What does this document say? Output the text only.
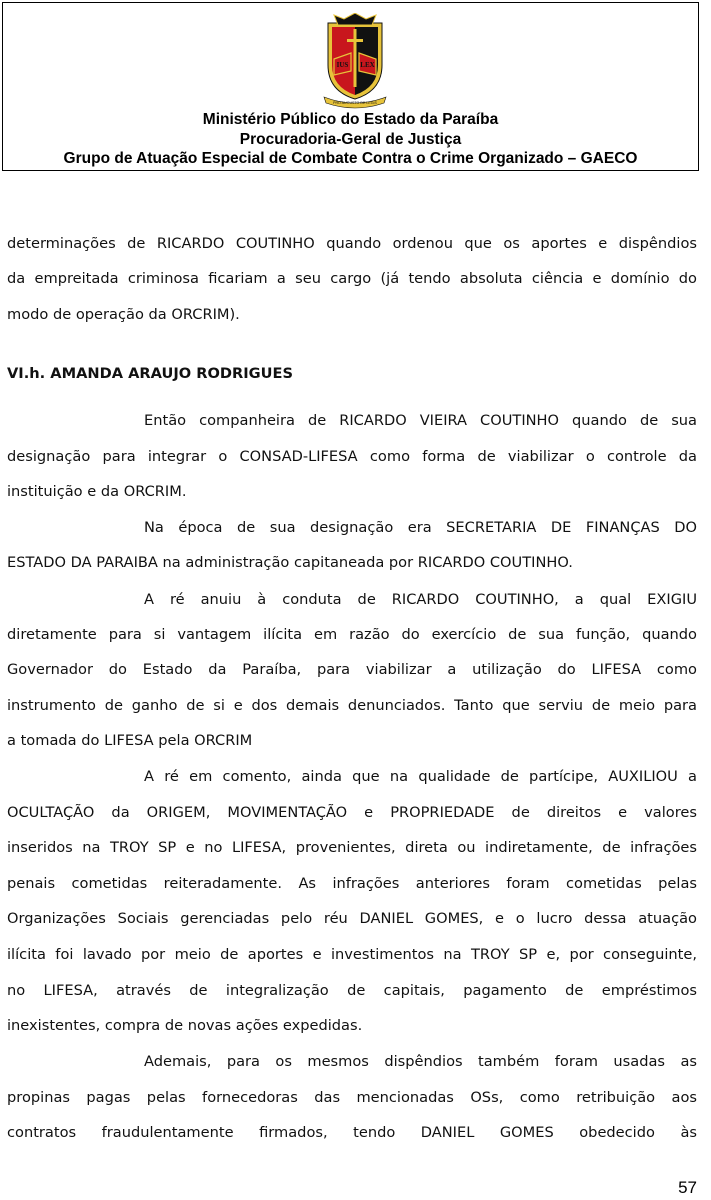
IUS LEX
PRO AUGUSTO DE LEGIS
Ministério Público do Estado da Paraíba
Procuradoria-Geral de Justiça
Grupo de Atuação Especial de Combate Contra o Crime Organizado – GAECO
determinações de RICARDO COUTINHO quando ordenou que os aportes e dispêndios
da empreitada criminosa ficariam a seu cargo (já tendo absoluta ciência e domínio do
modo de operação da ORCRIM).
VI.h. AMANDA ARAUJO RODRIGUES
Então companheira de RICARDO VIEIRA COUTINHO quando de sua
designação para integrar o CONSAD-LIFESA como forma de viabilizar o controle da
instituição e da ORCRIM.
Na época de sua designação era SECRETARIA DE FINANÇAS DO
ESTADO DA PARAIBA na administração capitaneada por RICARDO COUTINHO.
A ré anuiu à conduta de RICARDO COUTINHO, a qual EXIGIU
diretamente para si vantagem ilícita em razão do exercício de sua função, quando
Governador do Estado da Paraíba, para viabilizar a utilização do LIFESA como
instrumento de ganho de si e dos demais denunciados. Tanto que serviu de meio para
a tomada do LIFESA pela ORCRIM
A ré em comento, ainda que na qualidade de partícipe, AUXILIOU a
OCULTAÇÃO da ORIGEM, MOVIMENTAÇÃO e PROPRIEDADE de direitos e valores
inseridos na TROY SP e no LIFESA, provenientes, direta ou indiretamente, de infrações
penais cometidas reiteradamente. As infrações anteriores foram cometidas pelas
Organizações Sociais gerenciadas pelo réu DANIEL GOMES, e o lucro dessa atuação
ilícita foi lavado por meio de aportes e investimentos na TROY SP e, por conseguinte,
no LIFESA, através de integralização de capitais, pagamento de empréstimos
inexistentes, compra de novas ações expedidas.
Ademais, para os mesmos dispêndios também foram usadas as
propinas pagas pelas fornecedoras das mencionadas OSs, como retribuição aos
contratos fraudulentamente firmados, tendo DANIEL GOMES obedecido às
57
